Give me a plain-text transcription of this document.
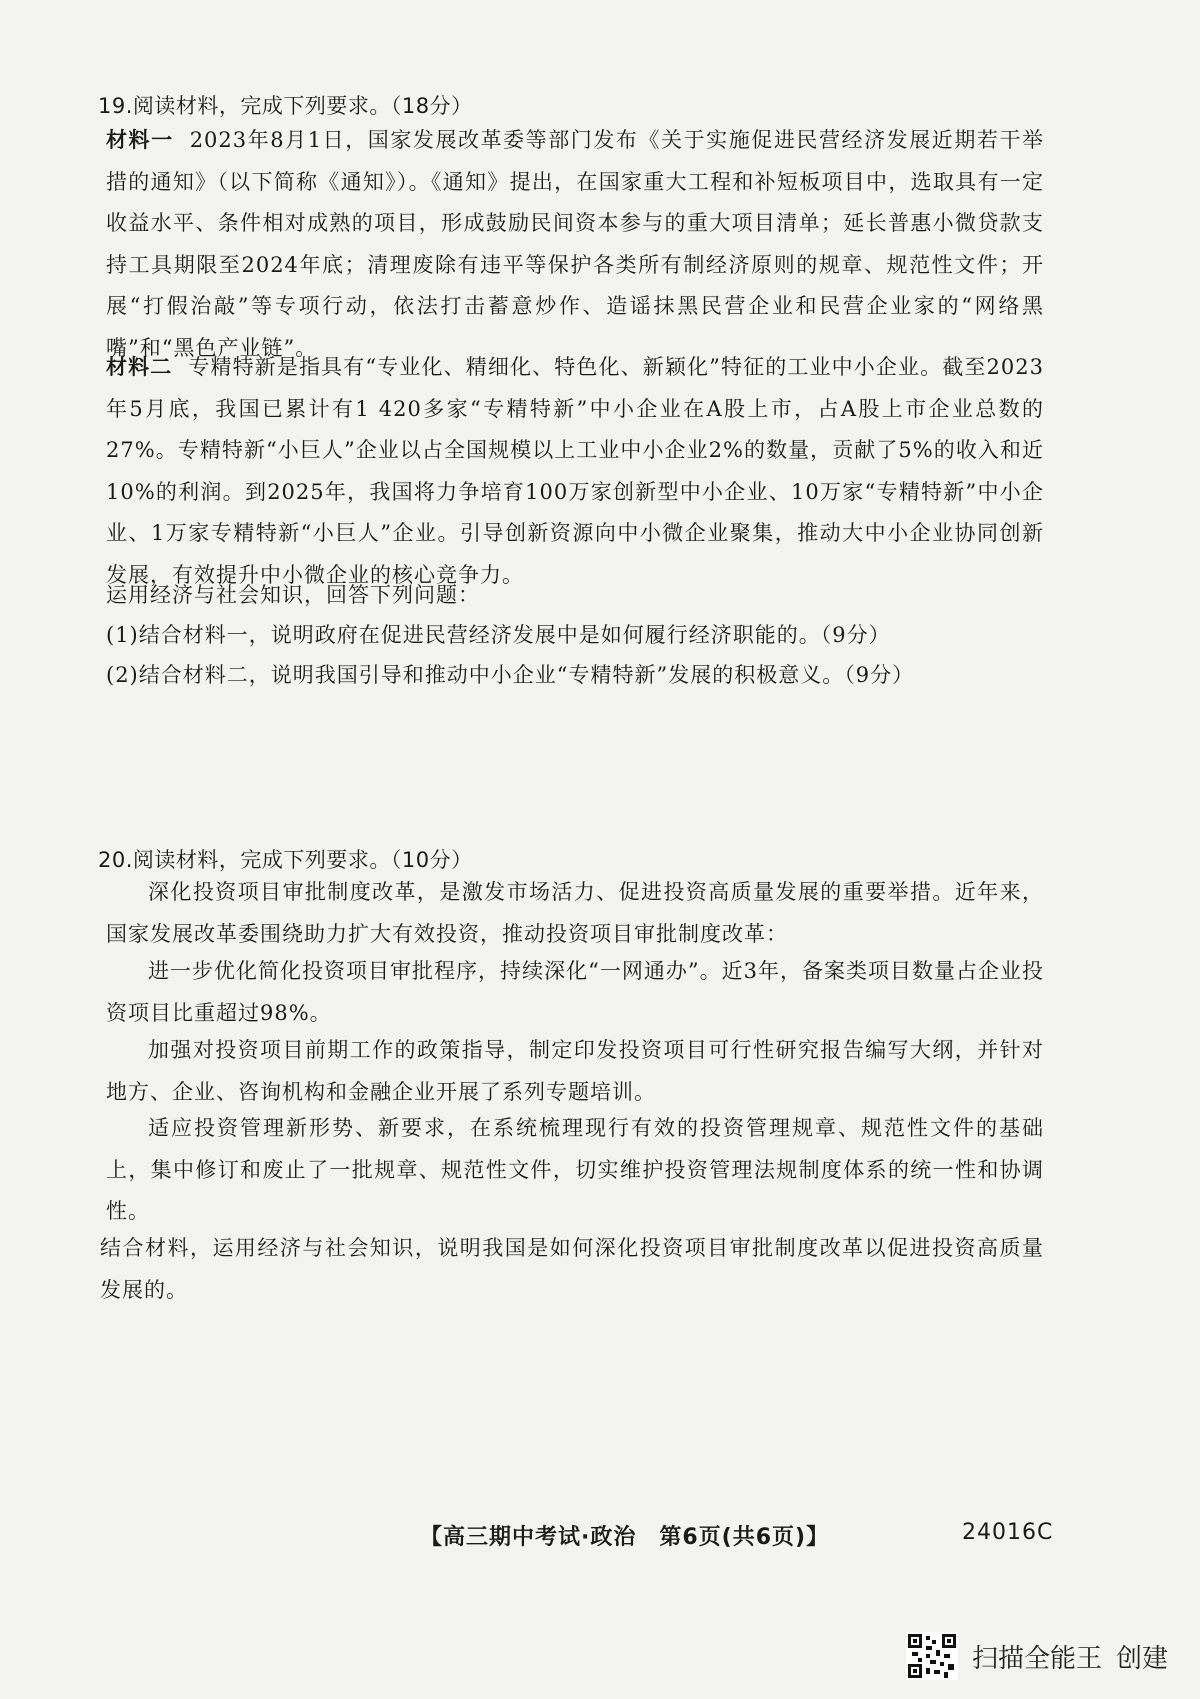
19.阅读材料，完成下列要求。（18分）
材料一 2023年8月1日，国家发展改革委等部门发布《关于实施促进民营经济发展近期若干举措的通知》（以下简称《通知》）。《通知》提出，在国家重大工程和补短板项目中，选取具有一定收益水平、条件相对成熟的项目，形成鼓励民间资本参与的重大项目清单；延长普惠小微贷款支持工具期限至2024年底；清理废除有违平等保护各类所有制经济原则的规章、规范性文件；开展“打假治敲”等专项行动，依法打击蓄意炒作、造谣抹黑民营企业和民营企业家的“网络黑嘴”和“黑色产业链”。
材料二 专精特新是指具有“专业化、精细化、特色化、新颖化”特征的工业中小企业。截至2023年5月底，我国已累计有1 420多家“专精特新”中小企业在A股上市，占A股上市企业总数的27%。专精特新“小巨人”企业以占全国规模以上工业中小企业2%的数量，贡献了5%的收入和近10%的利润。到2025年，我国将力争培育100万家创新型中小企业、10万家“专精特新”中小企业、1万家专精特新“小巨人”企业。引导创新资源向中小微企业聚集，推动大中小企业协同创新发展，有效提升中小微企业的核心竞争力。
运用经济与社会知识，回答下列问题：
(1)结合材料一，说明政府在促进民营经济发展中是如何履行经济职能的。（9分）
(2)结合材料二，说明我国引导和推动中小企业“专精特新”发展的积极意义。（9分）
20.阅读材料，完成下列要求。（10分）
深化投资项目审批制度改革，是激发市场活力、促进投资高质量发展的重要举措。近年来，国家发展改革委围绕助力扩大有效投资，推动投资项目审批制度改革：
进一步优化简化投资项目审批程序，持续深化“一网通办”。近3年，备案类项目数量占企业投资项目比重超过98%。
加强对投资项目前期工作的政策指导，制定印发投资项目可行性研究报告编写大纲，并针对地方、企业、咨询机构和金融企业开展了系列专题培训。
适应投资管理新形势、新要求，在系统梳理现行有效的投资管理规章、规范性文件的基础上，集中修订和废止了一批规章、规范性文件，切实维护投资管理法规制度体系的统一性和协调性。
结合材料，运用经济与社会知识，说明我国是如何深化投资项目审批制度改革以促进投资高质量发展的。
【高三期中考试·政治　第6页(共6页)】	24016C
扫描全能王 创建
